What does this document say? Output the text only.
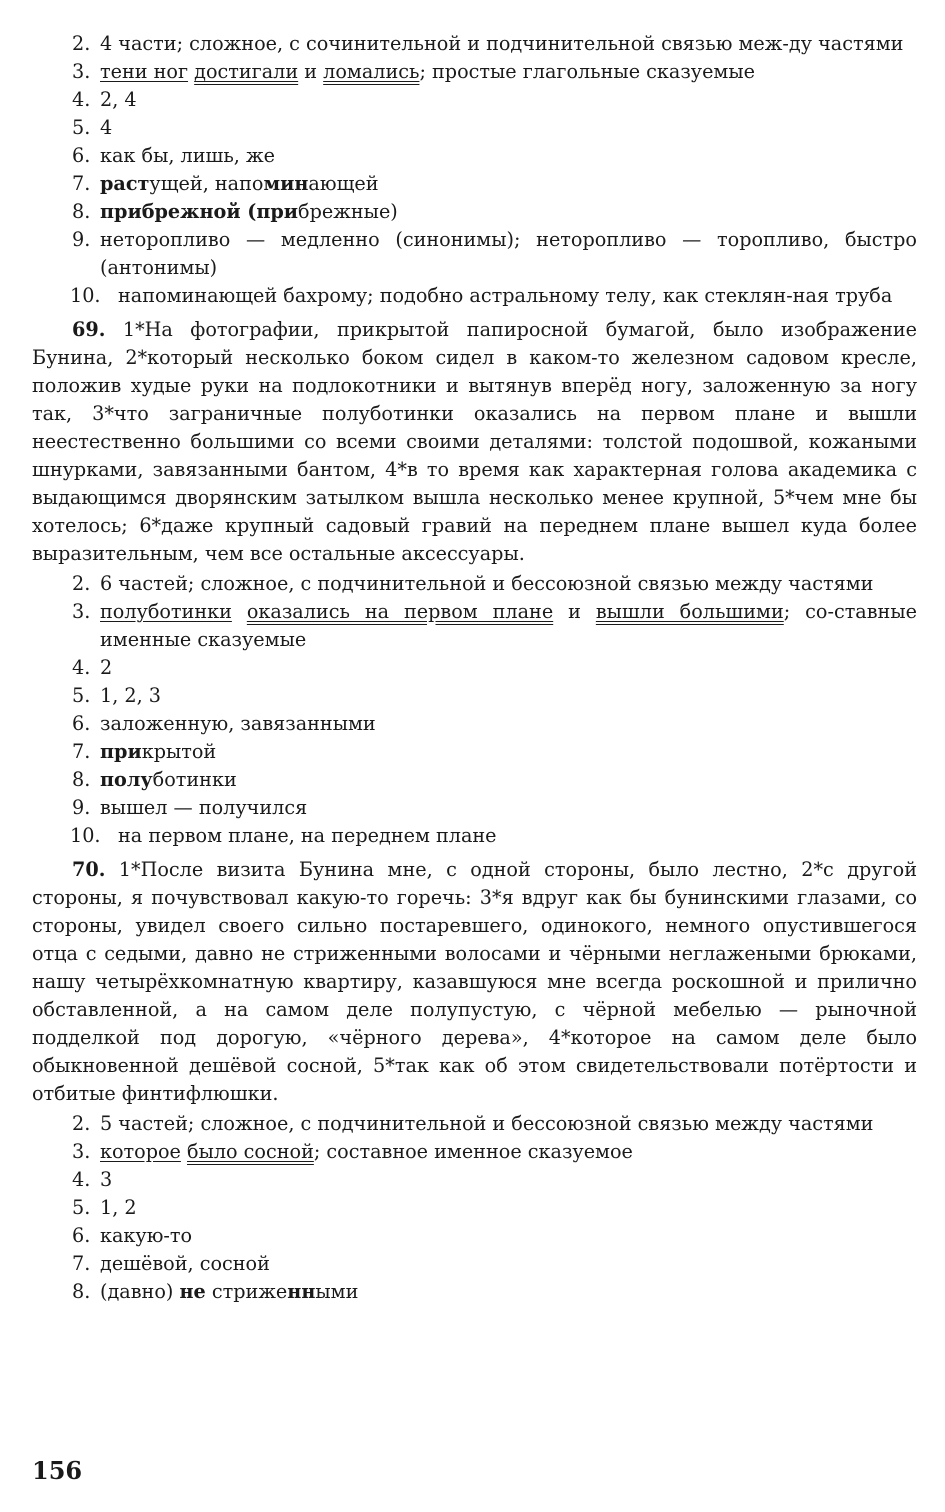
2. 4 части; сложное, с сочинительной и подчинительной связью меж-ду частями

3. тени ног достигали и ломались; простые глагольные сказуемые

4. 2, 4

5. 4

6. как бы, лишь, же

7. растущей, напоминающей

8. прибрежной (прибрежные)

9. неторопливо — медленно (синонимы); неторопливо — торопливо, быстро (антонимы)

10. напоминающей бахрому; подобно астральному телу, как стеклян-ная труба

69. 1*На фотографии, прикрытой папиросной бумагой, было изображение Бунина, 2*который несколько боком сидел в каком-то железном садовом кресле, положив худые руки на подлокотники и вытянув вперёд ногу, заложенную за ногу так, 3*что заграничные полуботинки оказались на первом плане и вышли неестественно большими со всеми своими деталями: толстой подошвой, кожаными шнурками, завязанными бантом, 4*в то время как характерная голова академика с выдающимся дворянским затылком вышла несколько менее крупной, 5*чем мне бы хотелось; 6*даже крупный садовый гравий на переднем плане вышел куда более выразительным, чем все остальные аксессуары.

2. 6 частей; сложное, с подчинительной и бессоюзной связью между частями

3. полуботинки оказались на первом плане и вышли большими; со-ставные именные сказуемые

4. 2

5. 1, 2, 3

6. заложенную, завязанными

7. прикрытой

8. полуботинки

9. вышел — получился

10. на первом плане, на переднем плане

70. 1*После визита Бунина мне, с одной стороны, было лестно, 2*с другой стороны, я почувствовал какую-то горечь: 3*я вдруг как бы бунинскими глазами, со стороны, увидел своего сильно постаревшего, одинокого, немного опустившегося отца с седыми, давно не стриженными волосами и чёрными неглажеными брюками, нашу четырёхкомнатную квартиру, казавшуюся мне всегда роскошной и прилично обставленной, а на самом деле полупустую, с чёрной мебелью — рыночной подделкой под дорогую, «чёрного дерева», 4*которое на самом деле было обыкновенной дешёвой сосной, 5*так как об этом свидетельствовали потёртости и отбитые финтифлюшки.

2. 5 частей; сложное, с подчинительной и бессоюзной связью между частями

3. которое было сосной; составное именное сказуемое

4. 3

5. 1, 2

6. какую-то

7. дешёвой, сосной

8. (давно) не стриженными

156
